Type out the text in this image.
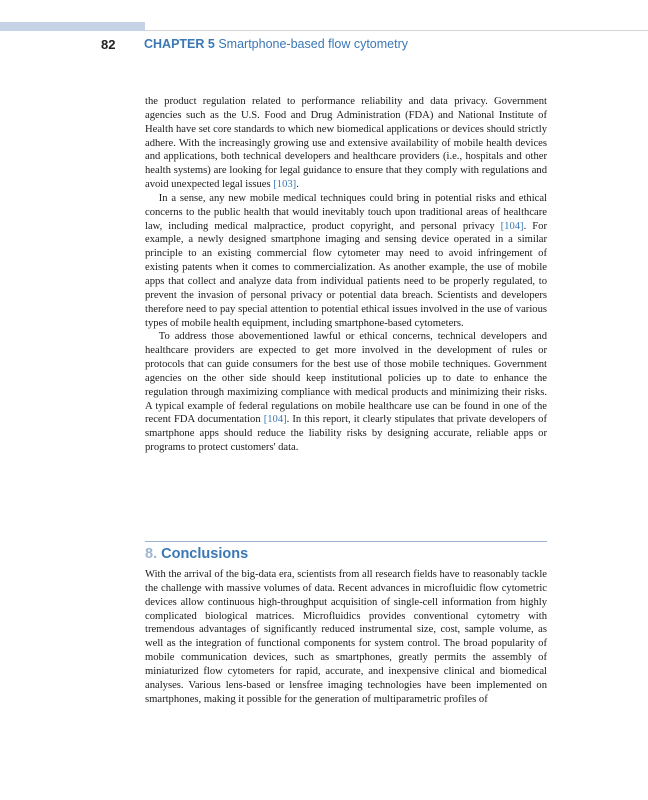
82 CHAPTER 5 Smartphone-based flow cytometry

the product regulation related to performance reliability and data privacy. Government agencies such as the U.S. Food and Drug Administration (FDA) and National Institute of Health have set core standards to which new biomedical applications or devices should strictly adhere. With the increasingly growing use and extensive availability of mobile health devices and applications, both technical developers and healthcare providers (i.e., hospitals and other health systems) are looking for legal guidance to ensure that they comply with regulations and avoid unexpected legal issues [103].

In a sense, any new mobile medical techniques could bring in potential risks and ethical concerns to the public health that would inevitably touch upon traditional areas of healthcare law, including medical malpractice, product copyright, and personal privacy [104]. For example, a newly designed smartphone imaging and sensing device operated in a similar principle to an existing commercial flow cytometer may need to avoid infringement of existing patents when it comes to commercialization. As another example, the use of mobile apps that collect and analyze data from individual patients need to be properly regulated, to prevent the invasion of personal privacy or potential data breach. Scientists and developers therefore need to pay special attention to potential ethical issues involved in the use of various types of mobile health equipment, including smartphone-based cytometers.

To address those abovementioned lawful or ethical concerns, technical developers and healthcare providers are expected to get more involved in the development of rules or protocols that can guide consumers for the best use of those mobile techniques. Government agencies on the other side should keep institutional policies up to date to enhance the regulation through maximizing compliance with medical products and minimizing their risks. A typical example of federal regulations on mobile healthcare use can be found in one of the recent FDA documentation [104]. In this report, it clearly stipulates that private developers of smartphone apps should reduce the liability risks by designing accurate, reliable apps or programs to protect customers' data.

8. Conclusions

With the arrival of the big-data era, scientists from all research fields have to reasonably tackle the challenge with massive volumes of data. Recent advances in microfluidic flow cytometric devices allow continuous high-throughput acquisition of single-cell information from highly complicated biological matrices. Microfluidics provides conventional cytometry with tremendous advantages of significantly reduced instrumental size, cost, sample volume, as well as the integration of functional components for system control. The broad popularity of mobile communication devices, such as smartphones, greatly permits the assembly of miniaturized flow cytometers for rapid, accurate, and inexpensive clinical and biomedical analyses. Various lens-based or lensfree imaging technologies have been implemented on smartphones, making it possible for the generation of multiparametric profiles of
